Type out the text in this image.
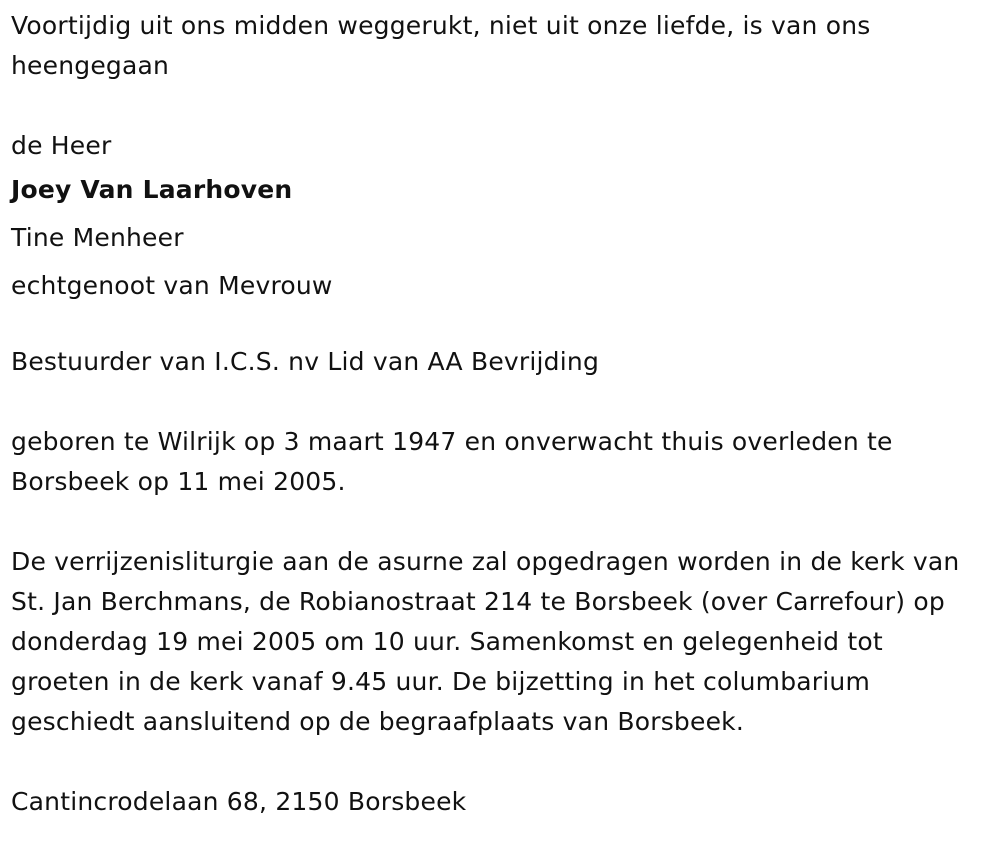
Voortijdig uit ons midden weggerukt, niet uit onze liefde, is van ons heengegaan

de Heer

Joey Van Laarhoven

Tine Menheer

echtgenoot van Mevrouw

Bestuurder van I.C.S. nv Lid van AA Bevrijding

geboren te Wilrijk op 3 maart 1947 en onverwacht thuis overleden te Borsbeek op 11 mei 2005.

De verrijzenisliturgie aan de asurne zal opgedragen worden in de kerk van St. Jan Berchmans, de Robianostraat 214 te Borsbeek (over Carrefour) op donderdag 19 mei 2005 om 10 uur. Samenkomst en gelegenheid tot groeten in de kerk vanaf 9.45 uur. De bijzetting in het columbarium geschiedt aansluitend op de begraafplaats van Borsbeek.

Cantincrodelaan 68, 2150 Borsbeek
